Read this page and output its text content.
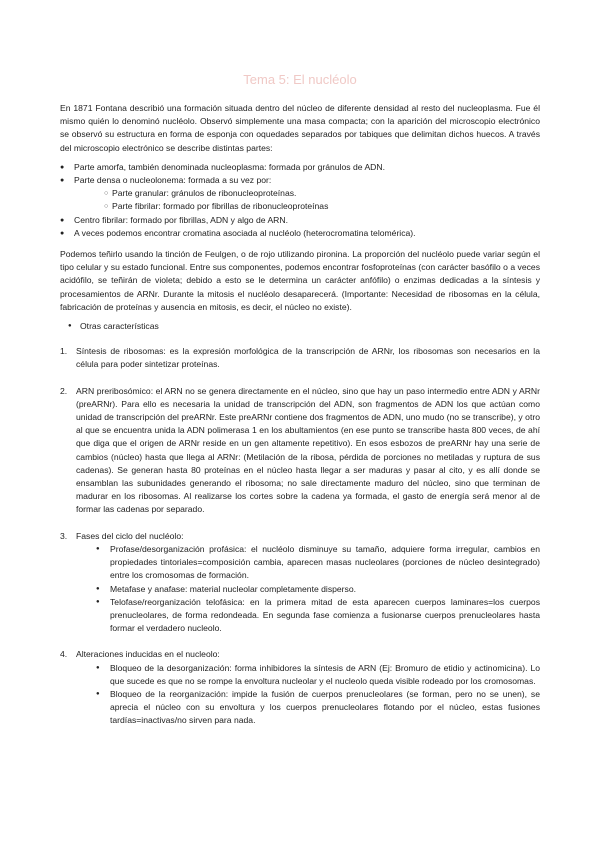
Tema 5: El nucléolo

En 1871 Fontana describió una formación situada dentro del núcleo de diferente densidad al resto del nucleoplasma. Fue él mismo quién lo denominó nucléolo. Observó simplemente una masa compacta; con la aparición del microscopio electrónico se observó su estructura en forma de esponja con oquedades separados por tabiques que delimitan dichos huecos. A través del microscopio electrónico se describe distintas partes:

● Parte amorfa, también denominada nucleoplasma: formada por gránulos de ADN.
● Parte densa o nucleolonema: formada a su vez por:
○ Parte granular: gránulos de ribonucleoproteínas.
○ Parte fibrilar: formado por fibrillas de ribonucleoproteínas
● Centro fibrilar: formado por fibrillas, ADN y algo de ARN.
● A veces podemos encontrar cromatina asociada al nucléolo (heterocromatina telomérica).

Podemos teñirlo usando la tinción de Feulgen, o de rojo utilizando pironina. La proporción del nucléolo puede variar según el tipo celular y su estado funcional. Entre sus componentes, podemos encontrar fosfoproteínas (con carácter basófilo o a veces acidófilo, se teñirán de violeta; debido a esto se le determina un carácter anfófilo) o enzimas dedicadas a la síntesis y procesamientos de ARNr. Durante la mitosis el nucléolo desaparecerá. (Importante: Necesidad de ribosomas en la célula, fabricación de proteínas y ausencia en mitosis, es decir, el núcleo no existe).

● Otras características
1. Síntesis de ribosomas: es la expresión morfológica de la transcripción de ARNr, los ribosomas son necesarios en la célula para poder sintetizar proteínas.
2. ARN preribosómico: el ARN no se genera directamente en el núcleo, sino que hay un paso intermedio entre ADN y ARNr (preARNr). Para ello es necesaria la unidad de transcripción del ADN, son fragmentos de ADN los que actúan como unidad de transcripción del preARNr. Este preARNr contiene dos fragmentos de ADN, uno mudo (no se transcribe), y otro al que se encuentra unida la ADN polimerasa 1 en los abultamientos (en ese punto se transcribe hasta 800 veces, de ahí que diga que el origen de ARNr reside en un gen altamente repetitivo). En esos esbozos de preARNr hay una serie de cambios (núcleo) hasta que llega al ARNr: (Metilación de la ribosa, pérdida de porciones no metiladas y ruptura de sus cadenas). Se generan hasta 80 proteínas en el núcleo hasta llegar a ser maduras y pasar al cito, y es allí donde se ensamblan las subunidades generando el ribosoma; no sale directamente maduro del núcleo, sino que terminan de madurar en los ribosomas. Al realizarse los cortes sobre la cadena ya formada, el gasto de energía será menor al de formar las cadenas por separado.
3. Fases del ciclo del nucléolo:
● Profase/desorganización profásica: el nucléolo disminuye su tamaño, adquiere forma irregular, cambios en propiedades tintoriales=composición cambia, aparecen masas nucleolares (porciones de núcleo desintegrado) entre los cromosomas de formación.
● Metafase y anafase: material nucleolar completamente disperso.
● Telofase/reorganización telofásica: en la primera mitad de esta aparecen cuerpos laminares=los cuerpos prenucleolares, de forma redondeada. En segunda fase comienza a fusionarse cuerpos prenucleolares hasta formar el verdadero nucleolo.
4. Alteraciones inducidas en el nucleolo:
● Bloqueo de la desorganización: forma inhibidores la síntesis de ARN (Ej: Bromuro de etidio y actinomicina). Lo que sucede es que no se rompe la envoltura nucleolar y el nucleolo queda visible rodeado por los cromosomas.
● Bloqueo de la reorganización: impide la fusión de cuerpos prenucleolares (se forman, pero no se unen), se aprecia el núcleo con su envoltura y los cuerpos prenucleolares flotando por el núcleo, estas fusiones tardías=inactivas/no sirven para nada.
